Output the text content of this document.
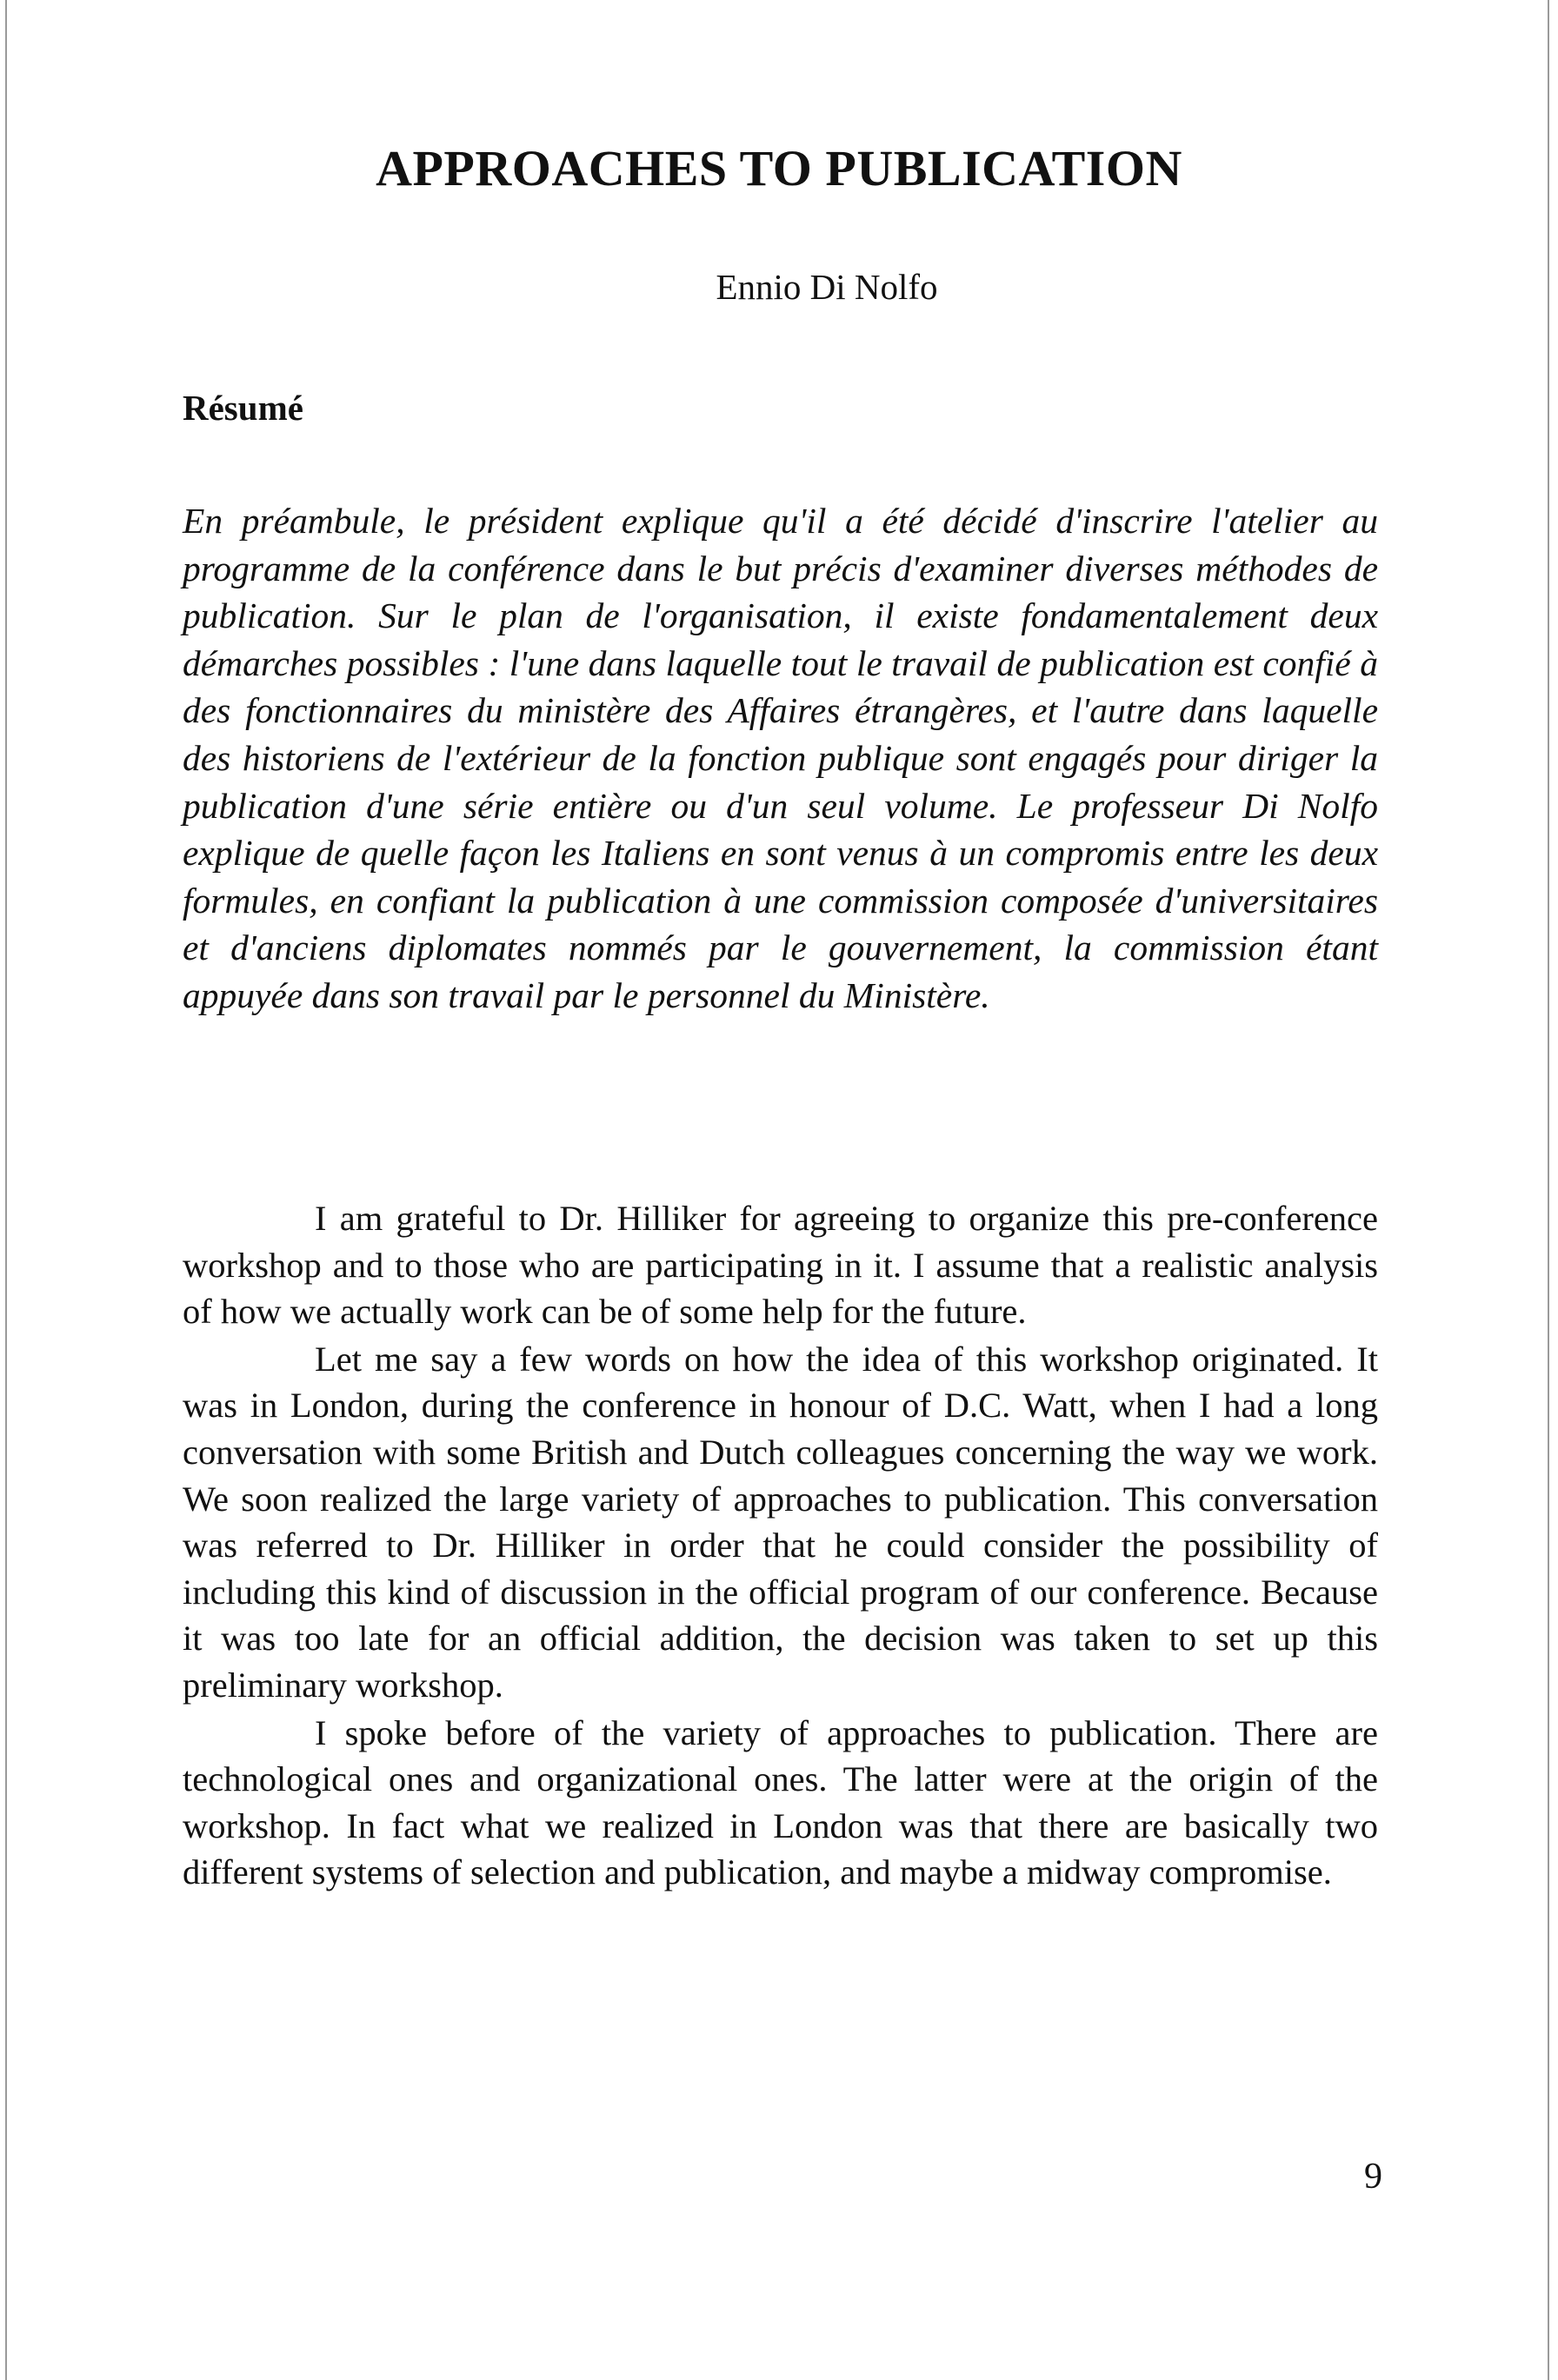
APPROACHES TO PUBLICATION
Ennio Di Nolfo
Résumé

En préambule, le président explique qu'il a été décidé d'inscrire l'atelier au programme de la conférence dans le but précis d'examiner diverses méthodes de publication. Sur le plan de l'organisation, il existe fondamentalement deux démarches possibles : l'une dans laquelle tout le travail de publication est confié à des fonctionnaires du ministère des Affaires étrangères, et l'autre dans laquelle des historiens de l'extérieur de la fonction publique sont engagés pour diriger la publication d'une série entière ou d'un seul volume. Le professeur Di Nolfo explique de quelle façon les Italiens en sont venus à un compromis entre les deux formules, en confiant la publication à une commission composée d'universitaires et d'anciens diplomates nommés par le gouvernement, la commission étant appuyée dans son travail par le personnel du Ministère.

I am grateful to Dr. Hilliker for agreeing to organize this pre-conference workshop and to those who are participating in it. I assume that a realistic analysis of how we actually work can be of some help for the future.

Let me say a few words on how the idea of this workshop originated. It was in London, during the conference in honour of D.C. Watt, when I had a long conversation with some British and Dutch colleagues concerning the way we work. We soon realized the large variety of approaches to publication. This conversation was referred to Dr. Hilliker in order that he could consider the possibility of including this kind of discussion in the official program of our conference. Because it was too late for an official addition, the decision was taken to set up this preliminary workshop.

I spoke before of the variety of approaches to publication. There are technological ones and organizational ones. The latter were at the origin of the workshop. In fact what we realized in London was that there are basically two different systems of selection and publication, and maybe a midway compromise.

9
